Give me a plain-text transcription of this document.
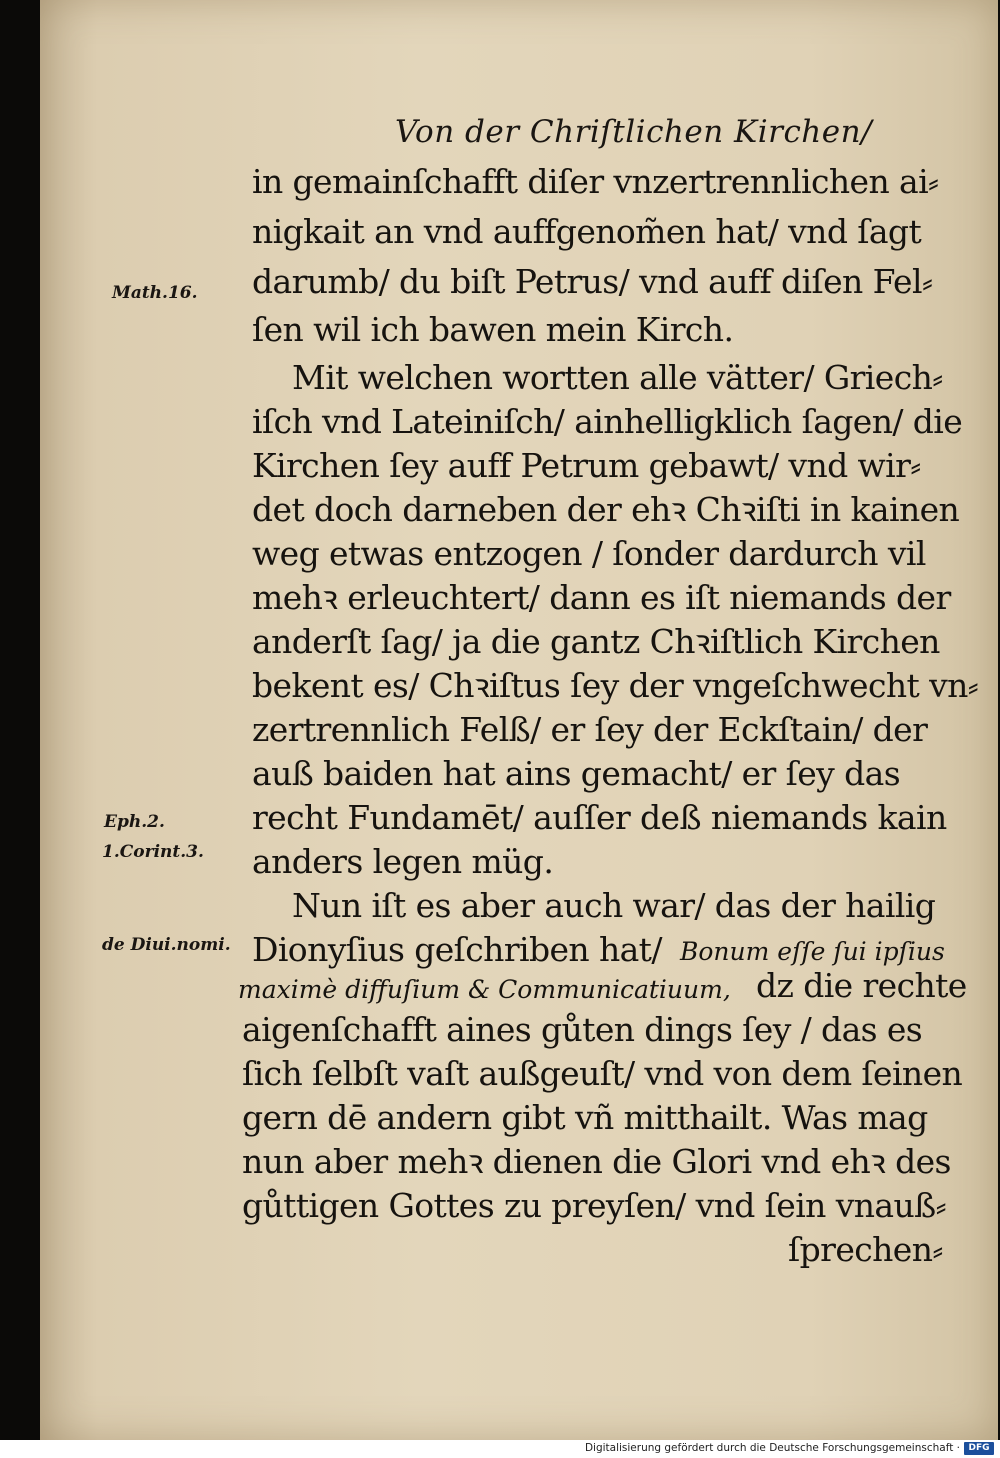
Von der Chriſtlichen Kirchen/
Math.16.
Eph.2.
1.Corint.3.
de Diui.nomi.
in gemainſchafft diſer vnzertrennlichen ai⸗
nigkait an vnd auffgenom̃en hat/ vnd ſagt
darumb/ du biſt Petrus/ vnd auff diſen Fel⸗
ſen wil ich bawen mein Kirch.
Mit welchen wortten alle vätter/ Griech⸗
iſch vnd Lateiniſch/ ainhelligklich ſagen/ die
Kirchen ſey auff Petrum gebawt/ vnd wir⸗
det doch darneben der ehꝛ Chꝛiſti in kainen
weg etwas entzogen / ſonder dardurch vil
mehꝛ erleuchtert/ dann es iſt niemands der
anderſt ſag/ ja die gantz Chꝛiſtlich Kirchen
bekent es/ Chꝛiſtus ſey der vngeſchwecht vn⸗
zertrennlich Felß/ er ſey der Eckſtain/ der
auß baiden hat ains gemacht/ er ſey das
recht Fundamēt/ auſſer deß niemands kain
anders legen müg.
Nun iſt es aber auch war/ das der hailig
Dionyſius geſchriben hat/ Bonum eſſe ſui ipſius
maximè diffuſium & Communicatiuum, dz die rechte
aigenſchafft aines gůten dings ſey / das es
ſich ſelbſt vaſt außgeuſt/ vnd von dem ſeinen
gern dē andern gibt vñ mitthailt. Was mag
nun aber mehꝛ dienen die Glori vnd ehꝛ des
gůttigen Gottes zu preyſen/ vnd ſein vnauß⸗
ſprechen⸗
Digitalisierung gefördert durch die Deutsche Forschungsgemeinschaft · DFG
